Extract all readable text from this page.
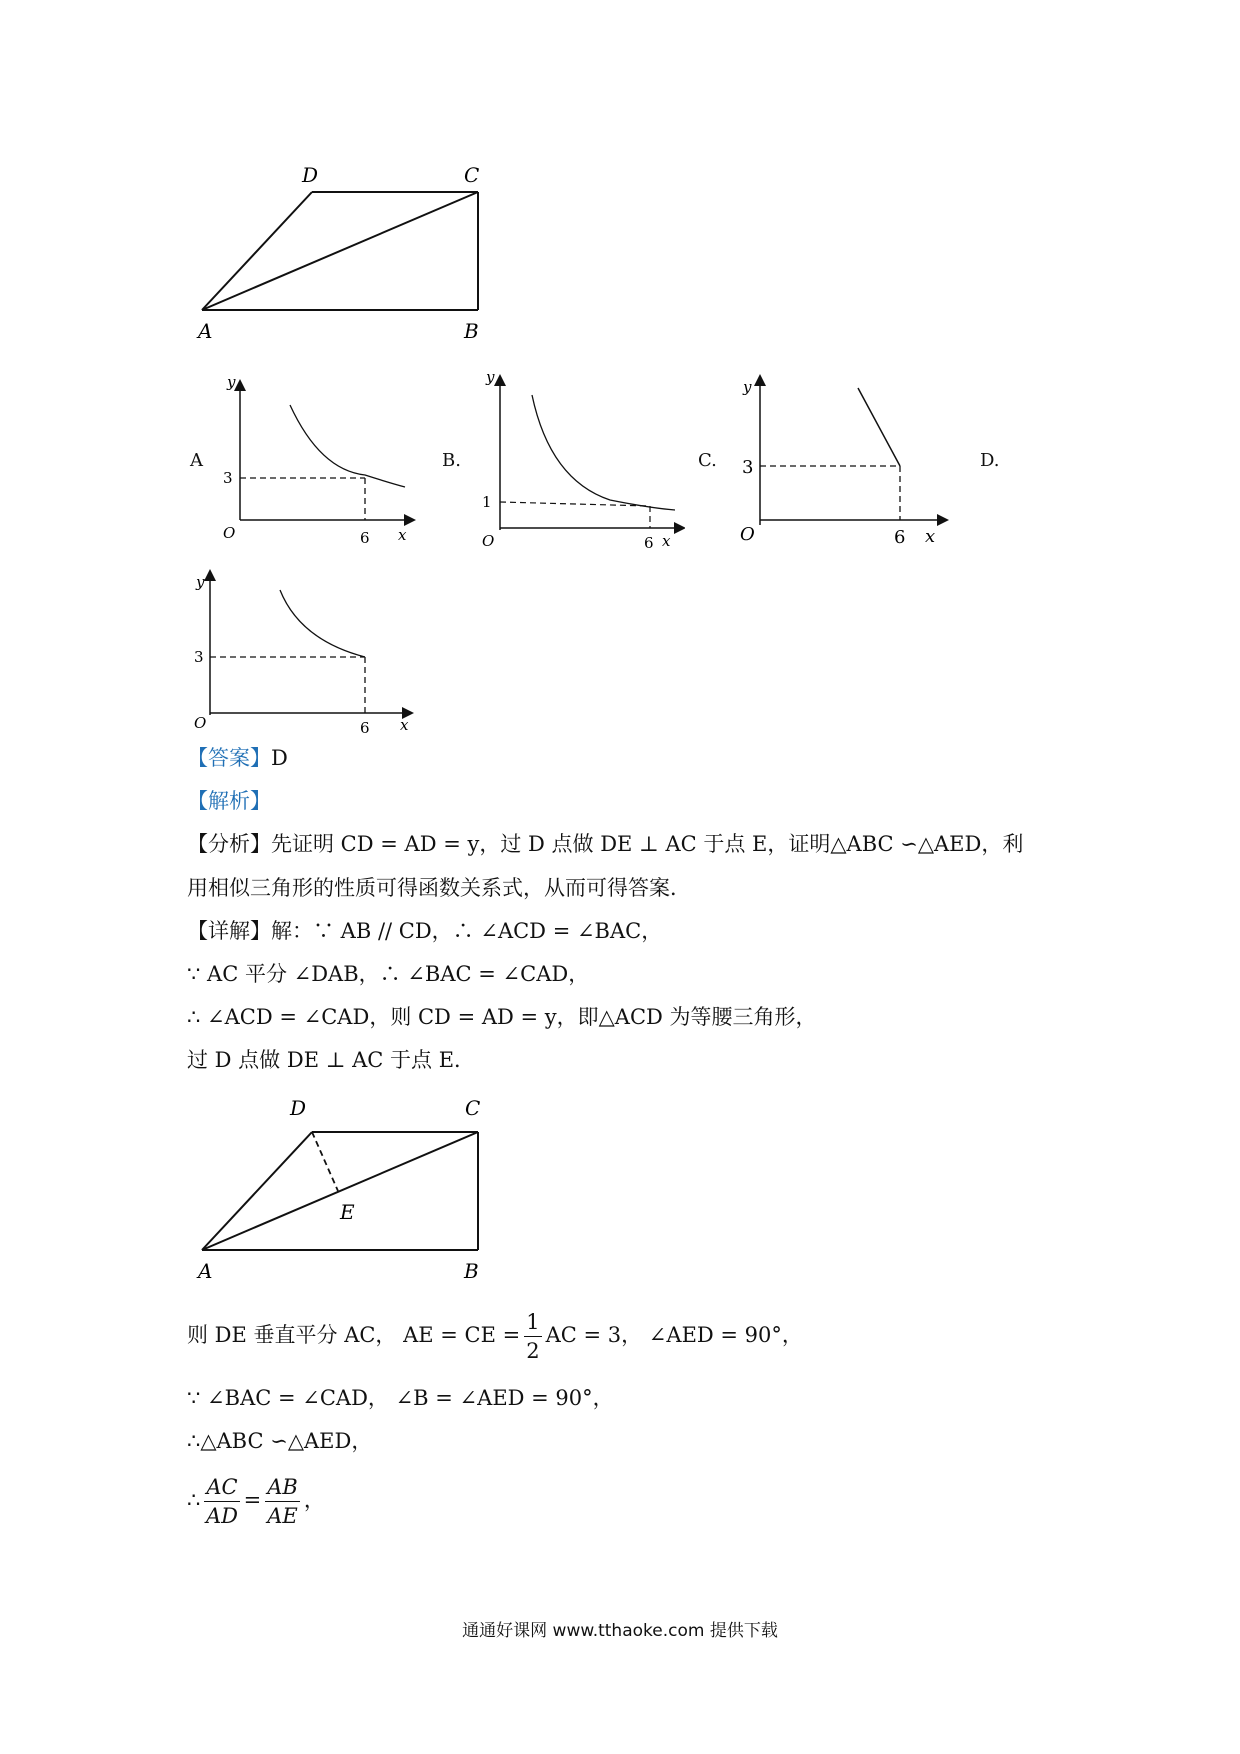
D	C
A	B
A	B.	C.	D.
y
x
O
3
6
y
x
O
1
6
y
x
O
3
6
y
x
O
3
6
【答案】D
【解析】
【分析】先证明 CD = AD = y，过 D 点做 DE ⊥ AC 于点 E，证明△ABC ∽△AED，利
用相似三角形的性质可得函数关系式，从而可得答案．
【详解】解：∵ AB // CD，∴ ∠ACD = ∠BAC，
∵ AC 平分 ∠DAB，∴ ∠BAC = ∠CAD，
∴ ∠ACD = ∠CAD，则 CD = AD = y，即△ACD 为等腰三角形，
过 D 点做 DE ⊥ AC 于点 E．
D	C
E
A	B
则 DE 垂直平分 AC， AE = CE = $\frac{1}{2}$ AC = 3， ∠AED = 90°，
∵ ∠BAC = ∠CAD， ∠B = ∠AED = 90°，
∴△ABC ∽△AED，
∴ $\frac{AC}{AD} = \frac{AB}{AE}$ ，
通通好课网 www.tthaoke.com 提供下载
